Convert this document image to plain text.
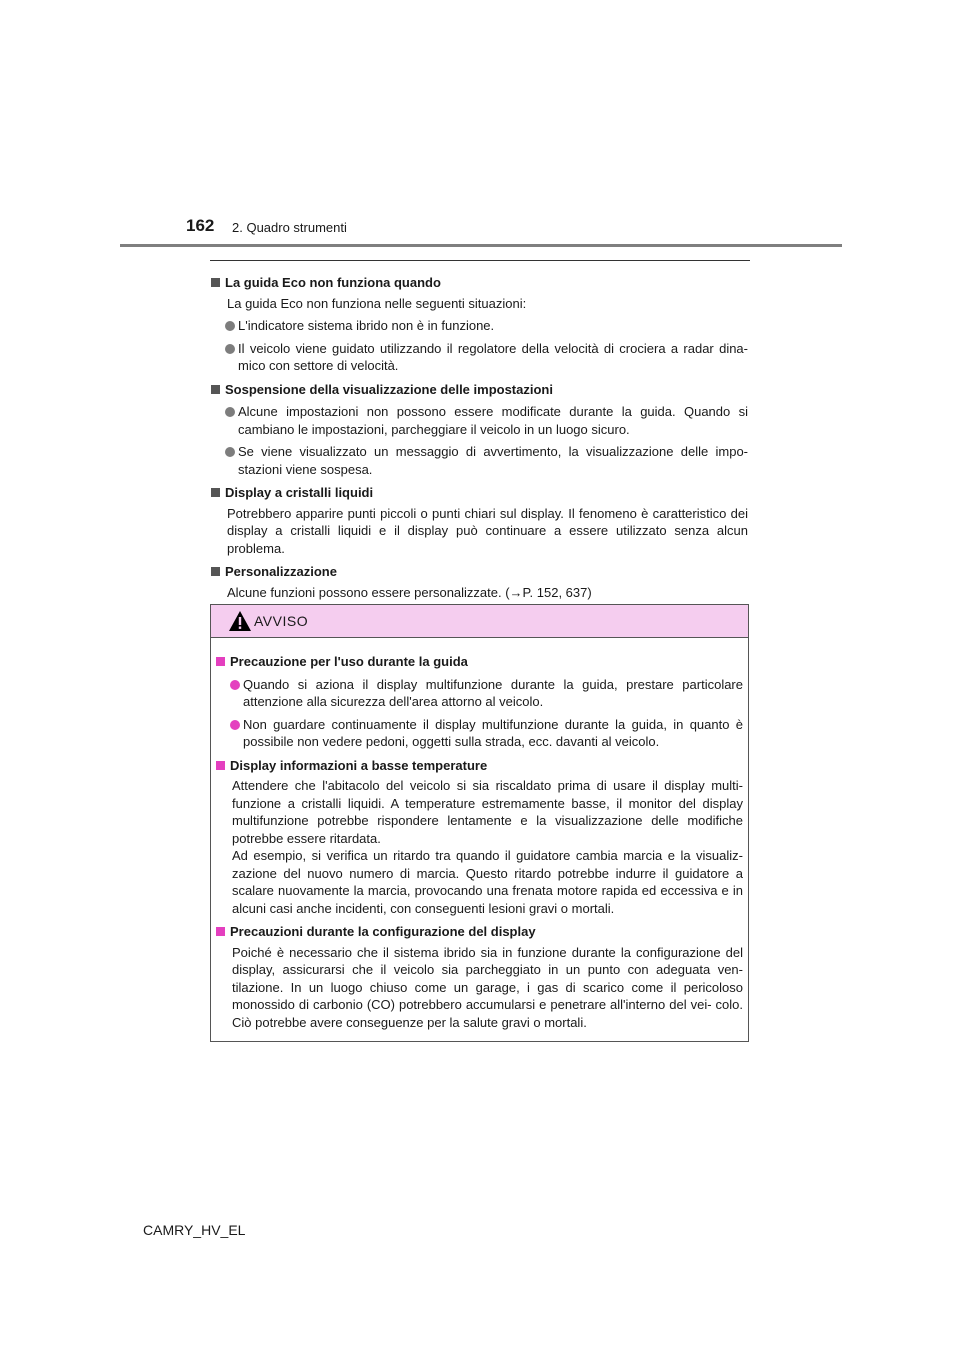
162 2. Quadro strumenti
La guida Eco non funziona quando
La guida Eco non funziona nelle seguenti situazioni:
L'indicatore sistema ibrido non è in funzione.
Il veicolo viene guidato utilizzando il regolatore della velocità di crociera a radar dina- mico con settore di velocità.
Sospensione della visualizzazione delle impostazioni
Alcune impostazioni non possono essere modificate durante la guida. Quando si cambiano le impostazioni, parcheggiare il veicolo in un luogo sicuro.
Se viene visualizzato un messaggio di avvertimento, la visualizzazione delle impo- stazioni viene sospesa.
Display a cristalli liquidi
Potrebbero apparire punti piccoli o punti chiari sul display. Il fenomeno è caratteristico dei display a cristalli liquidi e il display può continuare a essere utilizzato senza alcun problema.
Personalizzazione
Alcune funzioni possono essere personalizzate. (→P. 152, 637)
AVVISO
Precauzione per l'uso durante la guida
Quando si aziona il display multifunzione durante la guida, prestare particolare attenzione alla sicurezza dell'area attorno al veicolo.
Non guardare continuamente il display multifunzione durante la guida, in quanto è possibile non vedere pedoni, oggetti sulla strada, ecc. davanti al veicolo.
Display informazioni a basse temperature
Attendere che l'abitacolo del veicolo si sia riscaldato prima di usare il display multi- funzione a cristalli liquidi. A temperature estremamente basse, il monitor del display multifunzione potrebbe rispondere lentamente e la visualizzazione delle modifiche potrebbe essere ritardata.
Ad esempio, si verifica un ritardo tra quando il guidatore cambia marcia e la visualiz- zazione del nuovo numero di marcia. Questo ritardo potrebbe indurre il guidatore a scalare nuovamente la marcia, provocando una frenata motore rapida ed eccessiva e in alcuni casi anche incidenti, con conseguenti lesioni gravi o mortali.
Precauzioni durante la configurazione del display
Poiché è necessario che il sistema ibrido sia in funzione durante la configurazione del display, assicurarsi che il veicolo sia parcheggiato in un punto con adeguata ven- tilazione. In un luogo chiuso come un garage, i gas di scarico come il pericoloso monossido di carbonio (CO) potrebbero accumularsi e penetrare all'interno del vei- colo. Ciò potrebbe avere conseguenze per la salute gravi o mortali.
CAMRY_HV_EL
